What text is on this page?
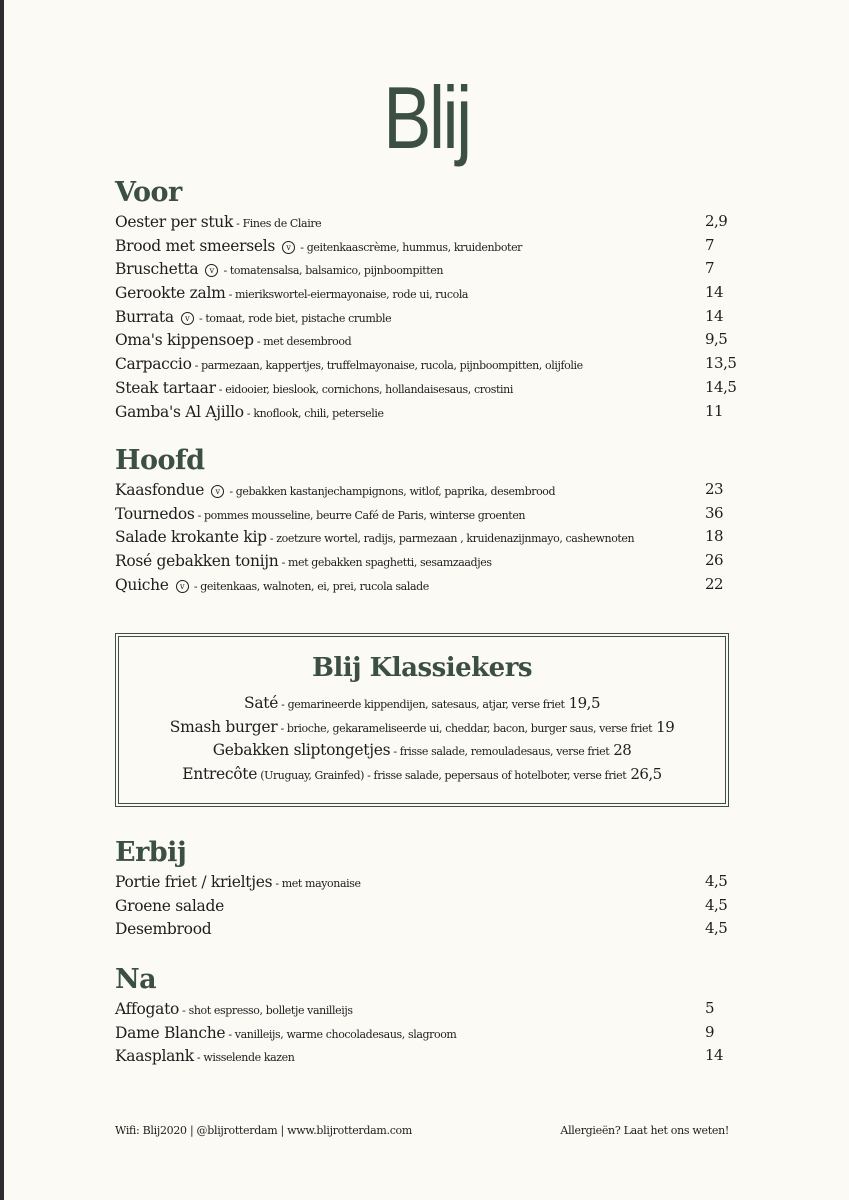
Blij
Voor
Oester per stuk - Fines de Claire	2,9
Brood met smeersels v - geitenkaascrème, hummus, kruidenboter	7
Bruschetta v - tomatensalsa, balsamico, pijnboompitten	7
Gerookte zalm - mierikswortel-eiermayonaise, rode ui, rucola	14
Burrata v - tomaat, rode biet, pistache crumble	14
Oma's kippensoep - met desembrood	9,5
Carpaccio - parmezaan, kappertjes, truffelmayonaise, rucola, pijnboompitten, olijfolie	13,5
Steak tartaar - eidooier, bieslook, cornichons, hollandaisesaus, crostini	14,5
Gamba's Al Ajillo - knoflook, chili, peterselie	11
Hoofd
Kaasfondue v - gebakken kastanjechampignons, witlof, paprika, desembrood	23
Tournedos - pommes mousseline, beurre Café de Paris, winterse groenten	36
Salade krokante kip - zoetzure wortel, radijs, parmezaan , kruidenazijnmayo, cashewnoten	18
Rosé gebakken tonijn - met gebakken spaghetti, sesamzaadjes	26
Quiche v - geitenkaas, walnoten, ei, prei, rucola salade	22
Blij Klassiekers
Saté - gemarineerde kippendijen, satesaus, atjar, verse friet 19,5
Smash burger - brioche, gekarameliseerde ui, cheddar, bacon, burger saus, verse friet 19
Gebakken sliptongetjes - frisse salade, remouladesaus, verse friet 28
Entrecôte (Uruguay, Grainfed) - frisse salade, pepersaus of hotelboter, verse friet 26,5
Erbij
Portie friet / krieltjes - met mayonaise	4,5
Groene salade	4,5
Desembrood	4,5
Na
Affogato - shot espresso, bolletje vanilleijs	5
Dame Blanche - vanilleijs, warme chocoladesaus, slagroom	9
Kaasplank - wisselende kazen	14
Wifi: Blij2020 | @blijrotterdam | www.blijrotterdam.com	Allergieën? Laat het ons weten!
